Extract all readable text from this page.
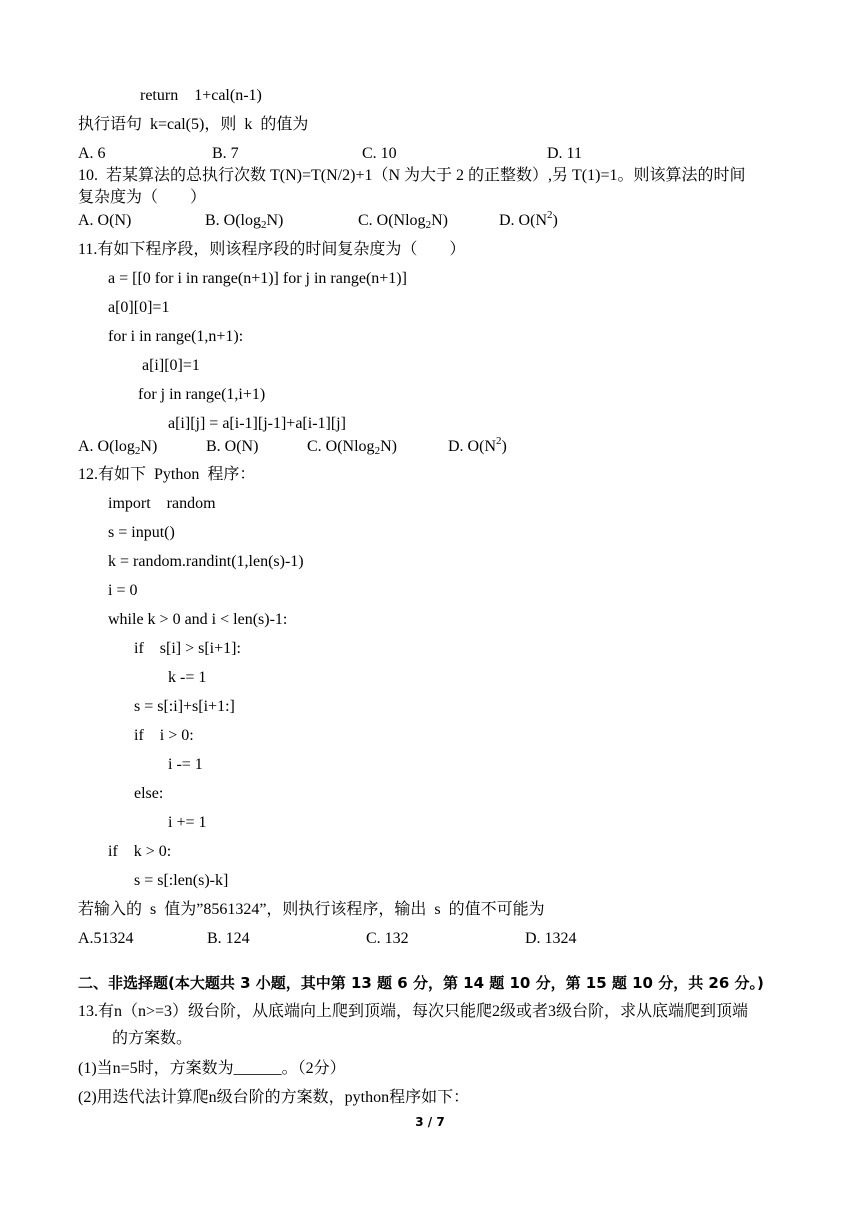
return    1+cal(n-1)
执行语句  k=cal(5)，则  k  的值为
A. 6	B. 7	C. 10	D. 11
10.  若某算法的总执行次数 T(N)=T(N/2)+1（N 为大于 2 的正整数）,另 T(1)=1。则该算法的时间
复杂度为（        ）
A. O(N)	B. $O(\log_2N)$	C. O(Nlog$_2$N)	D. $O(N^2)$
11.有如下程序段，则该程序段的时间复杂度为（        ）
a = [[0 for i in range(n+1)] for j in range(n+1)]
a[0][0]=1
for i in range(1,n+1):
a[i][0]=1
for j in range(1,i+1)
a[i][j] = a[i-1][j-1]+a[i-1][j]
A. $O(\log_2N)$	B. O(N)	C. O(Nlog$_2$N)	D. $O(N^2)$
12.有如下  Python  程序：
import    random
s = input()
k = random.randint(1,len(s)-1)
i = 0
while k > 0 and i < len(s)-1:
if    s[i] > s[i+1]:
k -= 1
s = s[:i]+s[i+1:]
if    i > 0:
i -= 1
else:
i += 1
if    k > 0:
s = s[:len(s)-k]
若输入的  s  值为”8561324”，则执行该程序，输出  s  的值不可能为
A.51324	B. 124	C. 132	D. 1324
二、非选择题(本大题共 3 小题，其中第 13 题 6 分，第 14 题 10 分，第 15 题 10 分，共 26 分。)
13.有n（n>=3）级台阶，从底端向上爬到顶端，每次只能爬2级或者3级台阶，求从底端爬到顶端
的方案数。
(1)当n=5时，方案数为______。（2分）
(2)用迭代法计算爬n级台阶的方案数，python程序如下：
3 / 7
